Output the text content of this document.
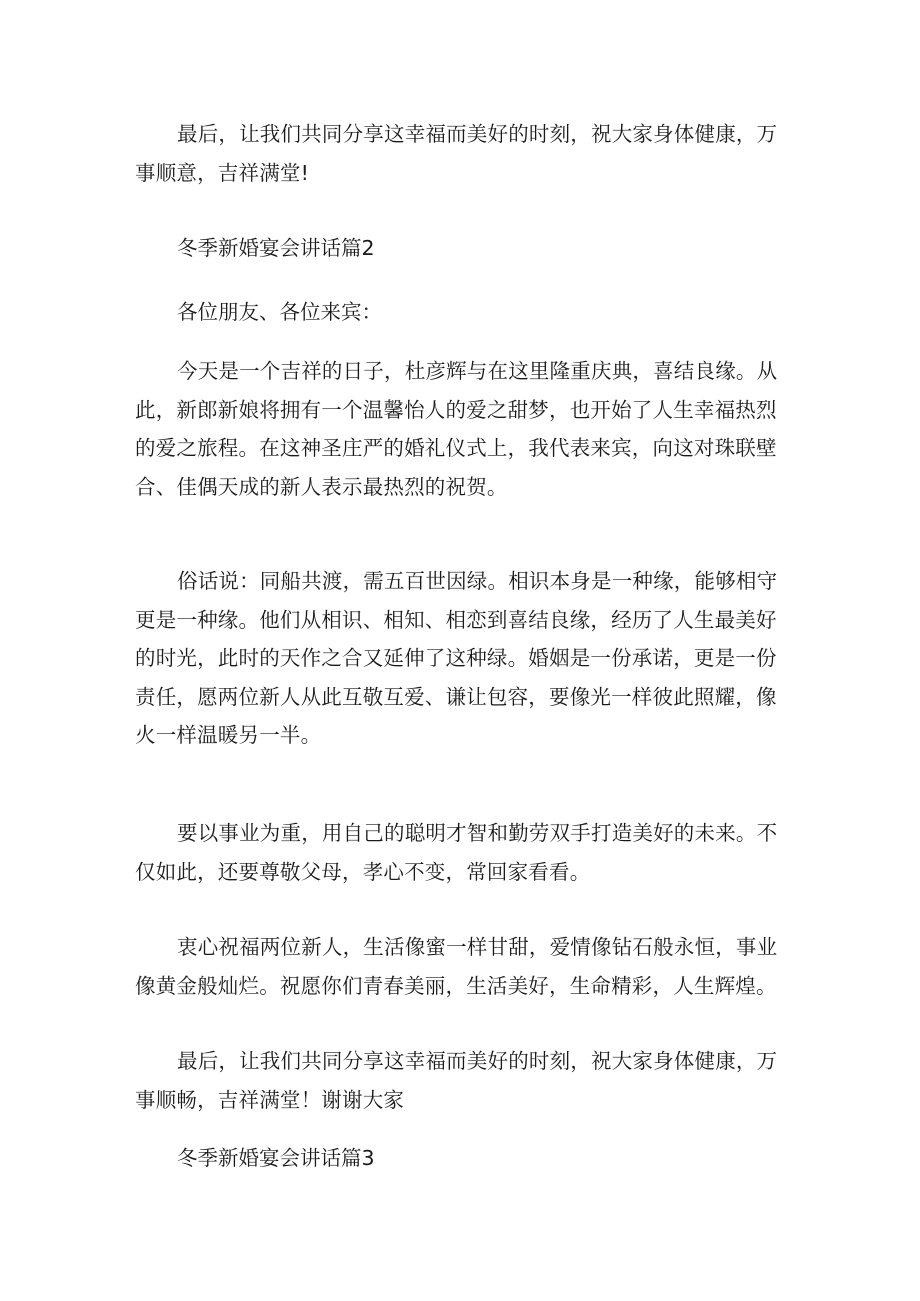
最后，让我们共同分享这幸福而美好的时刻，祝大家身体健康，万事顺意，吉祥满堂!

冬季新婚宴会讲话篇2

各位朋友、各位来宾：

今天是一个吉祥的日子，杜彦辉与在这里隆重庆典，喜结良缘。从此，新郎新娘将拥有一个温馨怡人的爱之甜梦，也开始了人生幸福热烈的爱之旅程。在这神圣庄严的婚礼仪式上，我代表来宾，向这对珠联壁合、佳偶天成的新人表示最热烈的祝贺。

俗话说：同船共渡，需五百世因绿。相识本身是一种缘，能够相守更是一种缘。他们从相识、相知、相恋到喜结良缘，经历了人生最美好的时光，此时的天作之合又延伸了这种绿。婚姻是一份承诺，更是一份责任，愿两位新人从此互敬互爱、谦让包容，要像光一样彼此照耀，像火一样温暖另一半。

要以事业为重，用自己的聪明才智和勤劳双手打造美好的未来。不仅如此，还要尊敬父母，孝心不变，常回家看看。

衷心祝福两位新人，生活像蜜一样甘甜，爱情像钻石般永恒，事业像黄金般灿烂。祝愿你们青春美丽，生活美好，生命精彩，人生辉煌。

最后，让我们共同分享这幸福而美好的时刻，祝大家身体健康，万事顺畅，吉祥满堂！谢谢大家

冬季新婚宴会讲话篇3
